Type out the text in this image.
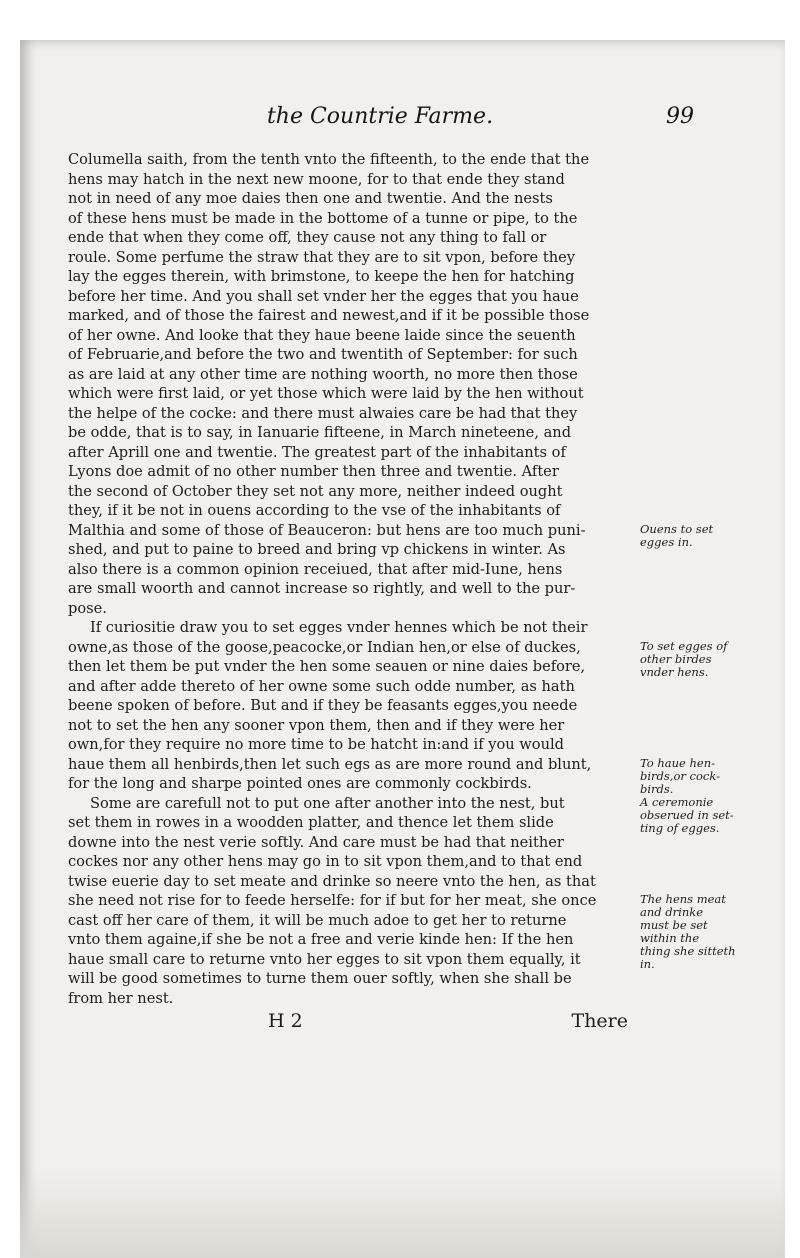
the Countrie Farme.	99
Columella saith, from the tenth vnto the fifteenth, to the ende that the
hens may hatch in the next new moone, for to that ende they stand
not in need of any moe daies then one and twentie. And the nests
of these hens must be made in the bottome of a tunne or pipe, to the
ende that when they come off, they cause not any thing to fall or
roule. Some perfume the straw that they are to sit vpon, before they
lay the egges therein, with brimstone, to keepe the hen for hatching
before her time. And you shall set vnder her the egges that you haue
marked, and of those the fairest and newest,and if it be possible those
of her owne. And looke that they haue beene laide since the seuenth
of Februarie,and before the two and twentith of September: for such
as are laid at any other time are nothing woorth, no more then those
which were first laid, or yet those which were laid by the hen without
the helpe of the cocke: and there must alwaies care be had that they
be odde, that is to say, in Ianuarie fifteene, in March nineteene, and
after Aprill one and twentie. The greatest part of the inhabitants of
Lyons doe admit of no other number then three and twentie. After
the second of October they set not any more, neither indeed ought
they, if it be not in ouens according to the vse of the inhabitants of
Malthia and some of those of Beauceron: but hens are too much puni-
shed, and put to paine to breed and bring vp chickens in winter. As
also there is a common opinion receiued, that after mid-Iune, hens
are small woorth and cannot increase so rightly, and well to the pur-
pose.
If curiositie draw you to set egges vnder hennes which be not their
owne,as those of the goose,peacocke,or Indian hen,or else of duckes,
then let them be put vnder the hen some seauen or nine daies before,
and after adde thereto of her owne some such odde number, as hath
beene spoken of before. But and if they be feasants egges,you neede
not to set the hen any sooner vpon them, then and if they were her
own,for they require no more time to be hatcht in:and if you would
haue them all henbirds,then let such egs as are more round and blunt,
for the long and sharpe pointed ones are commonly cockbirds.
Some are carefull not to put one after another into the nest, but
set them in rowes in a woodden platter, and thence let them slide
downe into the nest verie softly. And care must be had that neither
cockes nor any other hens may go in to sit vpon them,and to that end
twise euerie day to set meate and drinke so neere vnto the hen, as that
she need not rise for to feede herselfe: for if but for her meat, she once
cast off her care of them, it will be much adoe to get her to returne
vnto them againe,if she be not a free and verie kinde hen: If the hen
haue small care to returne vnto her egges to sit vpon them equally, it
will be good sometimes to turne them ouer softly, when she shall be
from her nest.
Ouens to set
egges in.
To set egges of
other birdes
vnder hens.
To haue hen-
birds,or cock-
birds.
A ceremonie
obserued in set-
ting of egges.
The hens meat
and drinke
must be set
within the
thing she sitteth
in.
H 2	There
